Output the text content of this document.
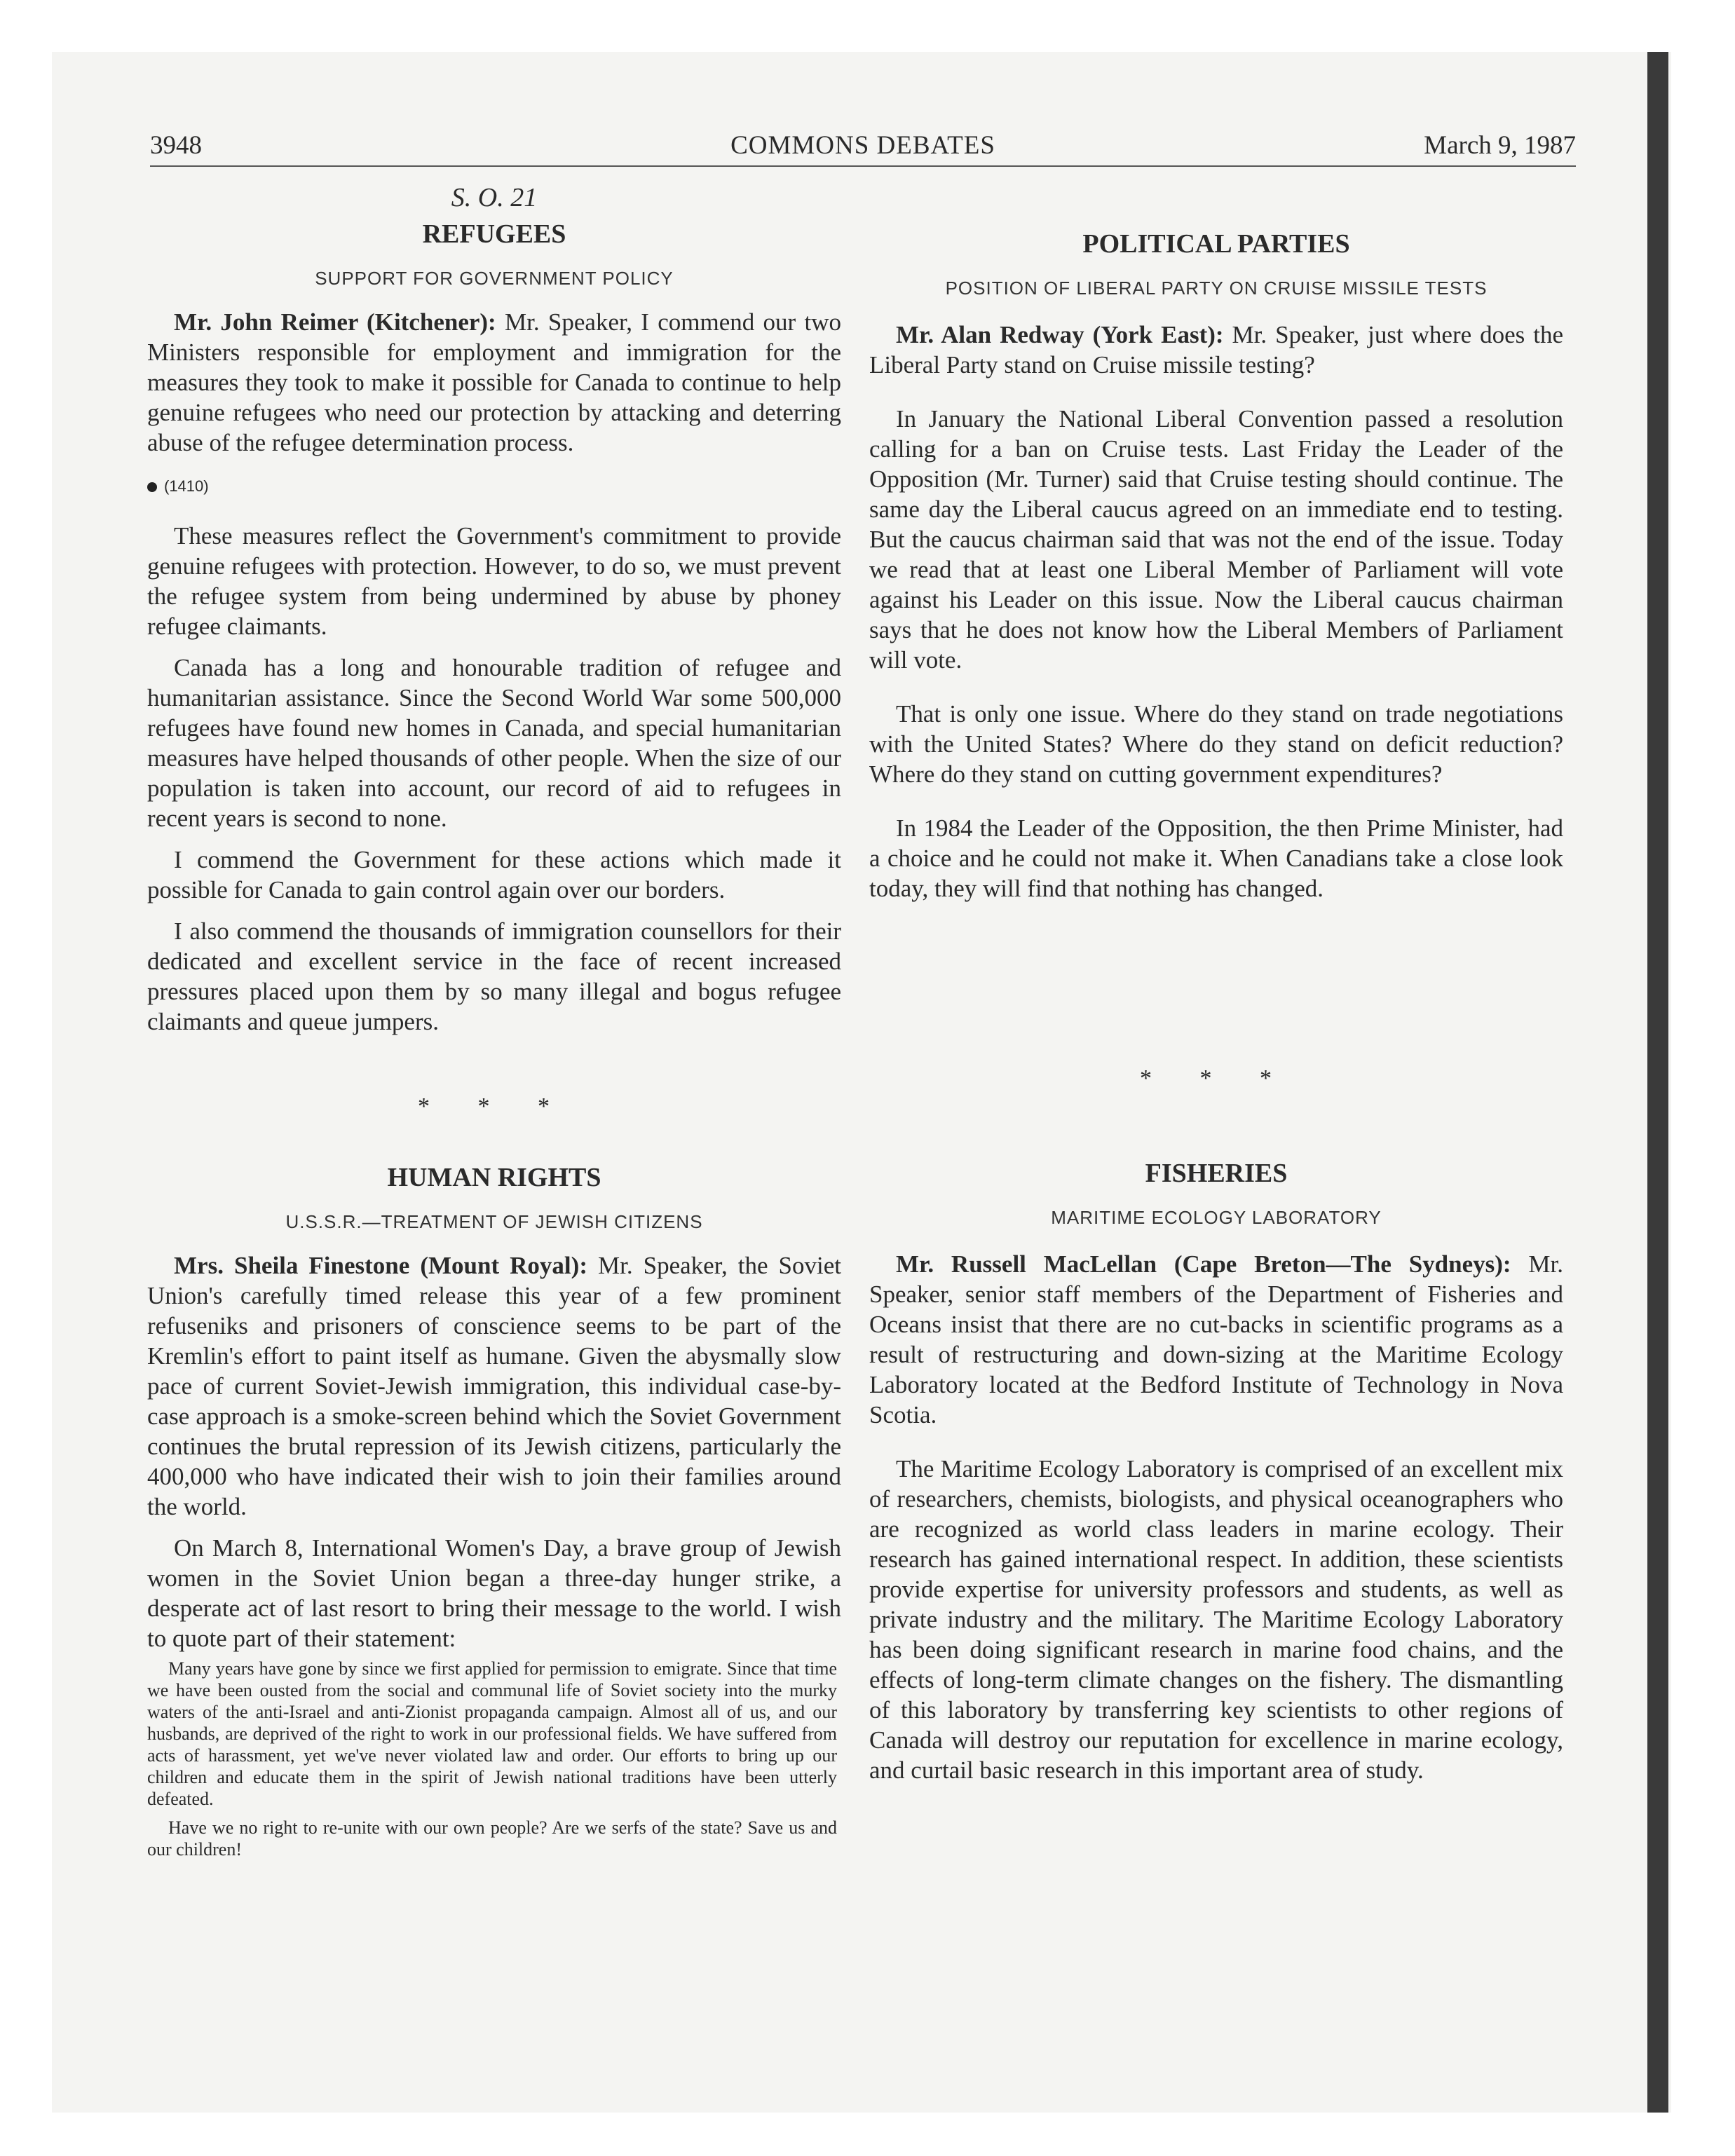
3948	COMMONS DEBATES	March 9, 1987
S. O. 21
REFUGEES
SUPPORT FOR GOVERNMENT POLICY

Mr. John Reimer (Kitchener): Mr. Speaker, I commend our two Ministers responsible for employment and immigration for the measures they took to make it possible for Canada to continue to help genuine refugees who need our protection by attacking and deterring abuse of the refugee determination process.

(1410)

These measures reflect the Government's commitment to provide genuine refugees with protection. However, to do so, we must prevent the refugee system from being undermined by abuse by phoney refugee claimants.

Canada has a long and honourable tradition of refugee and humanitarian assistance. Since the Second World War some 500,000 refugees have found new homes in Canada, and special humanitarian measures have helped thousands of other people. When the size of our population is taken into account, our record of aid to refugees in recent years is second to none.

I commend the Government for these actions which made it possible for Canada to gain control again over our borders.

I also commend the thousands of immigration counsellors for their dedicated and excellent service in the face of recent increased pressures placed upon them by so many illegal and bogus refugee claimants and queue jumpers.

* * *
HUMAN RIGHTS
U.S.S.R.—TREATMENT OF JEWISH CITIZENS

Mrs. Sheila Finestone (Mount Royal): Mr. Speaker, the Soviet Union's carefully timed release this year of a few prominent refuseniks and prisoners of conscience seems to be part of the Kremlin's effort to paint itself as humane. Given the abysmally slow pace of current Soviet-Jewish immigration, this individual case-by-case approach is a smoke-screen behind which the Soviet Government continues the brutal repression of its Jewish citizens, particularly the 400,000 who have indicated their wish to join their families around the world.

On March 8, International Women's Day, a brave group of Jewish women in the Soviet Union began a three-day hunger strike, a desperate act of last resort to bring their message to the world. I wish to quote part of their statement:

Many years have gone by since we first applied for permission to emigrate. Since that time we have been ousted from the social and communal life of Soviet society into the murky waters of the anti-Israel and anti-Zionist propaganda campaign. Almost all of us, and our husbands, are deprived of the right to work in our professional fields. We have suffered from acts of harassment, yet we've never violated law and order. Our efforts to bring up our children and educate them in the spirit of Jewish national traditions have been utterly defeated.

Have we no right to re-unite with our own people? Are we serfs of the state? Save us and our children!

POLITICAL PARTIES
POSITION OF LIBERAL PARTY ON CRUISE MISSILE TESTS

Mr. Alan Redway (York East): Mr. Speaker, just where does the Liberal Party stand on Cruise missile testing?

In January the National Liberal Convention passed a resolution calling for a ban on Cruise tests. Last Friday the Leader of the Opposition (Mr. Turner) said that Cruise testing should continue. The same day the Liberal caucus agreed on an immediate end to testing. But the caucus chairman said that was not the end of the issue. Today we read that at least one Liberal Member of Parliament will vote against his Leader on this issue. Now the Liberal caucus chairman says that he does not know how the Liberal Members of Parliament will vote.

That is only one issue. Where do they stand on trade negotiations with the United States? Where do they stand on deficit reduction? Where do they stand on cutting government expenditures?

In 1984 the Leader of the Opposition, the then Prime Minister, had a choice and he could not make it. When Canadians take a close look today, they will find that nothing has changed.

* * *
FISHERIES
MARITIME ECOLOGY LABORATORY

Mr. Russell MacLellan (Cape Breton—The Sydneys): Mr. Speaker, senior staff members of the Department of Fisheries and Oceans insist that there are no cut-backs in scientific programs as a result of restructuring and down-sizing at the Maritime Ecology Laboratory located at the Bedford Institute of Technology in Nova Scotia.

The Maritime Ecology Laboratory is comprised of an excellent mix of researchers, chemists, biologists, and physical oceanographers who are recognized as world class leaders in marine ecology. Their research has gained international respect. In addition, these scientists provide expertise for university professors and students, as well as private industry and the military. The Maritime Ecology Laboratory has been doing significant research in marine food chains, and the effects of long-term climate changes on the fishery. The dismantling of this laboratory by transferring key scientists to other regions of Canada will destroy our reputation for excellence in marine ecology, and curtail basic research in this important area of study.
